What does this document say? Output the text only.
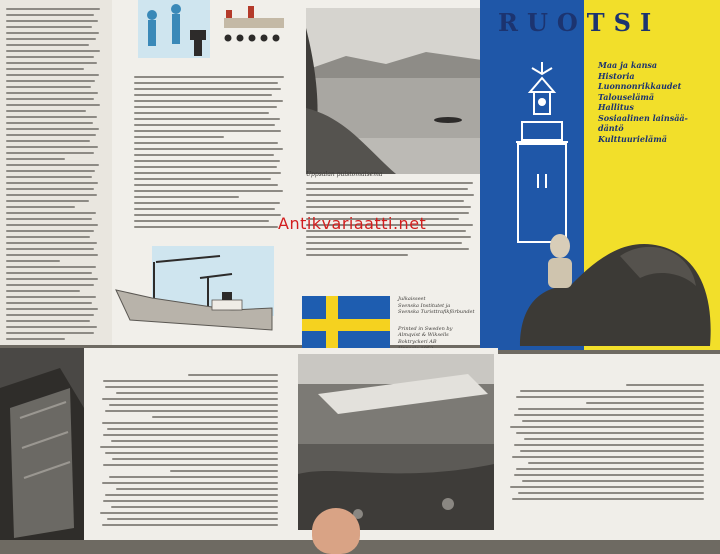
Uppsalan puistomaisema
Julkaisseet
Svenska Institutet ja
Svenska Turisttrafikförbundet
Printed in Sweden by
Almqvist & Wiksells Boktryckeri AB
RUOTSI
Maa ja kansa
Historia
Luonnonrikkaudet
Talouselämä
Hallitus
Sosiaalinen lainsää-
däntö
Kulttuurielämä
Antikvariaatti.net
